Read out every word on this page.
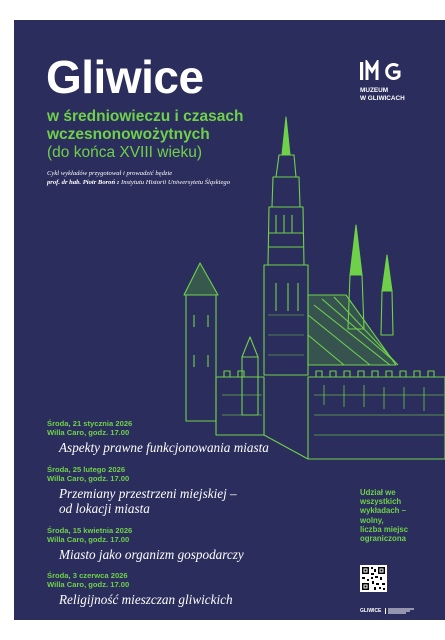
Gliwice
w średniowieczu i czasach
wczesnonowożytnych
(do końca XVIII wieku)
Cykl wykładów przygotował i prowadzić będzie
prof. dr hab. Piotr Boroń z Instytutu Historii Uniwersytetu Śląskiego
MUZEUM
W GLIWICACH
Środa, 21 stycznia 2026
Willa Caro, godz. 17.00
Aspekty prawne funkcjonowania miasta
Środa, 25 lutego 2026
Willa Caro, godz. 17.00
Przemiany przestrzeni miejskiej –
od lokacji miasta
Środa, 15 kwietnia 2026
Willa Caro, godz. 17.00
Miasto jako organizm gospodarczy
Środa, 3 czerwca 2026
Willa Caro, godz. 17.00
Religijność mieszczan gliwickich
Udział we
wszystkich
wykładach –
wolny,
liczba miejsc
ograniczona
GLIWICE
